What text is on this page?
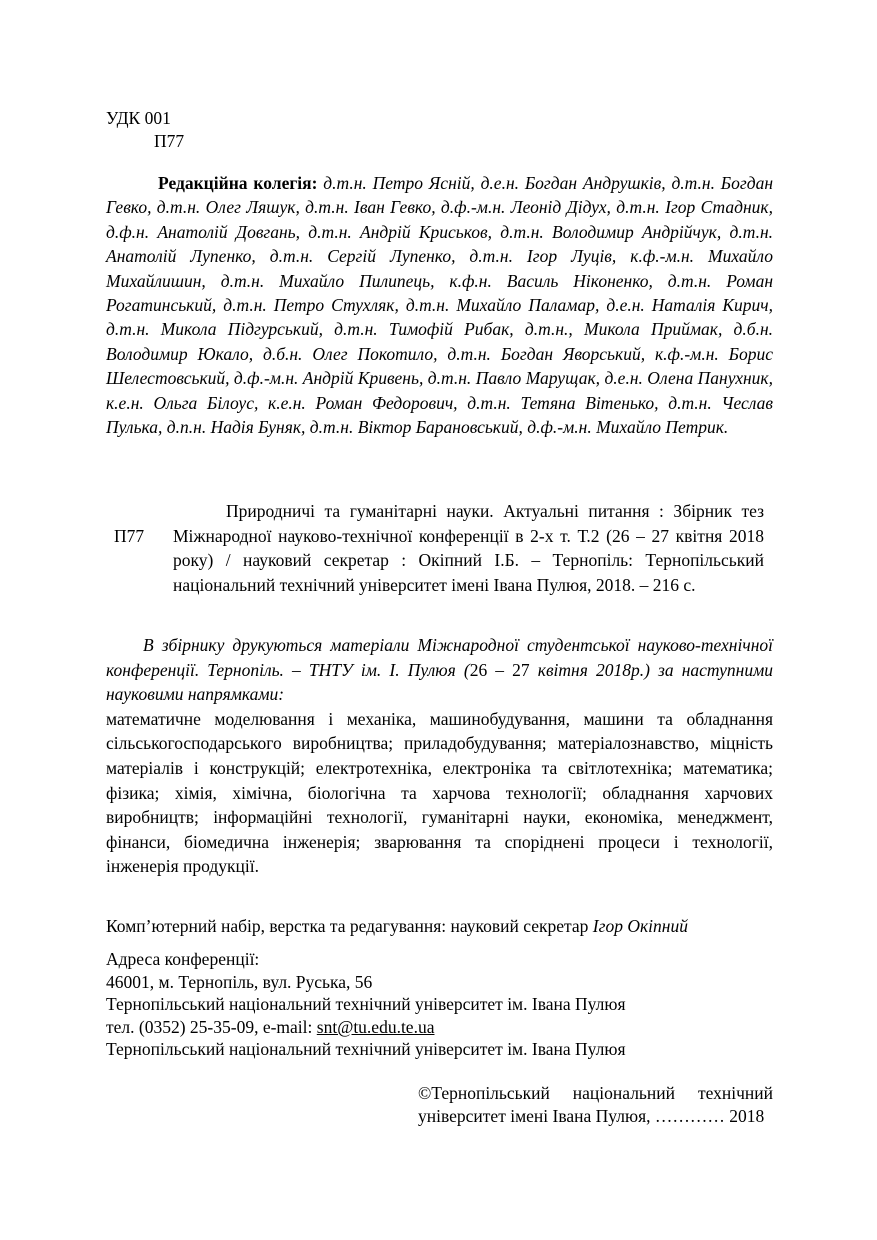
УДК 001
П77
Редакційна колегія: д.т.н. Петро Ясній, д.е.н. Богдан Андрушків, д.т.н. Богдан Гевко, д.т.н. Олег Ляшук, д.т.н. Іван Гевко, д.ф.-м.н. Леонід Дідух, д.т.н. Ігор Стадник, д.ф.н. Анатолій Довгань, д.т.н. Андрій Криськов, д.т.н. Володимир Андрійчук, д.т.н. Анатолій Лупенко, д.т.н. Сергій Лупенко, д.т.н. Ігор Луців, к.ф.-м.н. Михайло Михайлишин, д.т.н. Михайло Пилипець, к.ф.н. Василь Ніконенко, д.т.н. Роман Рогатинський, д.т.н. Петро Стухляк, д.т.н. Михайло Паламар, д.е.н. Наталія Кирич, д.т.н. Микола Підгурський, д.т.н. Тимофій Рибак, д.т.н., Микола Приймак, д.б.н. Володимир Юкало, д.б.н. Олег Покотило, д.т.н. Богдан Яворський, к.ф.-м.н. Борис Шелестовський, д.ф.-м.н. Андрій Кривень, д.т.н. Павло Марущак, д.е.н. Олена Панухник, к.е.н. Ольга Білоус, к.е.н. Роман Федорович, д.т.н. Тетяна Вітенько, д.т.н. Чеслав Пулька, д.п.н. Надія Буняк, д.т.н. Віктор Барановський, д.ф.-м.н. Михайло Петрик.
П77
Природничі та гуманітарні науки. Актуальні питання : Збірник тез Міжнародної науково-технічної конференції в 2-х т. Т.2 (26 – 27 квітня 2018 року) / науковий секретар : Окіпний І.Б. – Тернопіль: Тернопільський національний технічний університет імені Івана Пулюя, 2018. – 216 с.

В збірнику друкуються матеріали Міжнародної студентської науково-технічної конференції. Тернопіль. – ТНТУ ім. І. Пулюя (26 – 27 квітня 2018р.) за наступними науковими напрямками:

математичне моделювання і механіка, машинобудування, машини та обладнання сільськогосподарського виробництва; приладобудування; матеріалознавство, міцність матеріалів і конструкцій; електротехніка, електроніка та світлотехніка; математика; фізика; хімія, хімічна, біологічна та харчова технології; обладнання харчових виробництв; інформаційні технології, гуманітарні науки, економіка, менеджмент, фінанси, біомедична інженерія; зварювання та споріднені процеси і технології, інженерія продукції.

Комп’ютерний набір, верстка та редагування: науковий секретар Ігор Окіпний
Адреса конференції:
46001, м. Тернопіль, вул. Руська, 56
Тернопільський національний технічний університет ім. Івана Пулюя
тел. (0352) 25-35-09, e-mail: snt@tu.edu.te.ua
Тернопільський національний технічний університет ім. Івана Пулюя
©Тернопільський національний технічний
університет імені Івана Пулюя, ………… 2018
